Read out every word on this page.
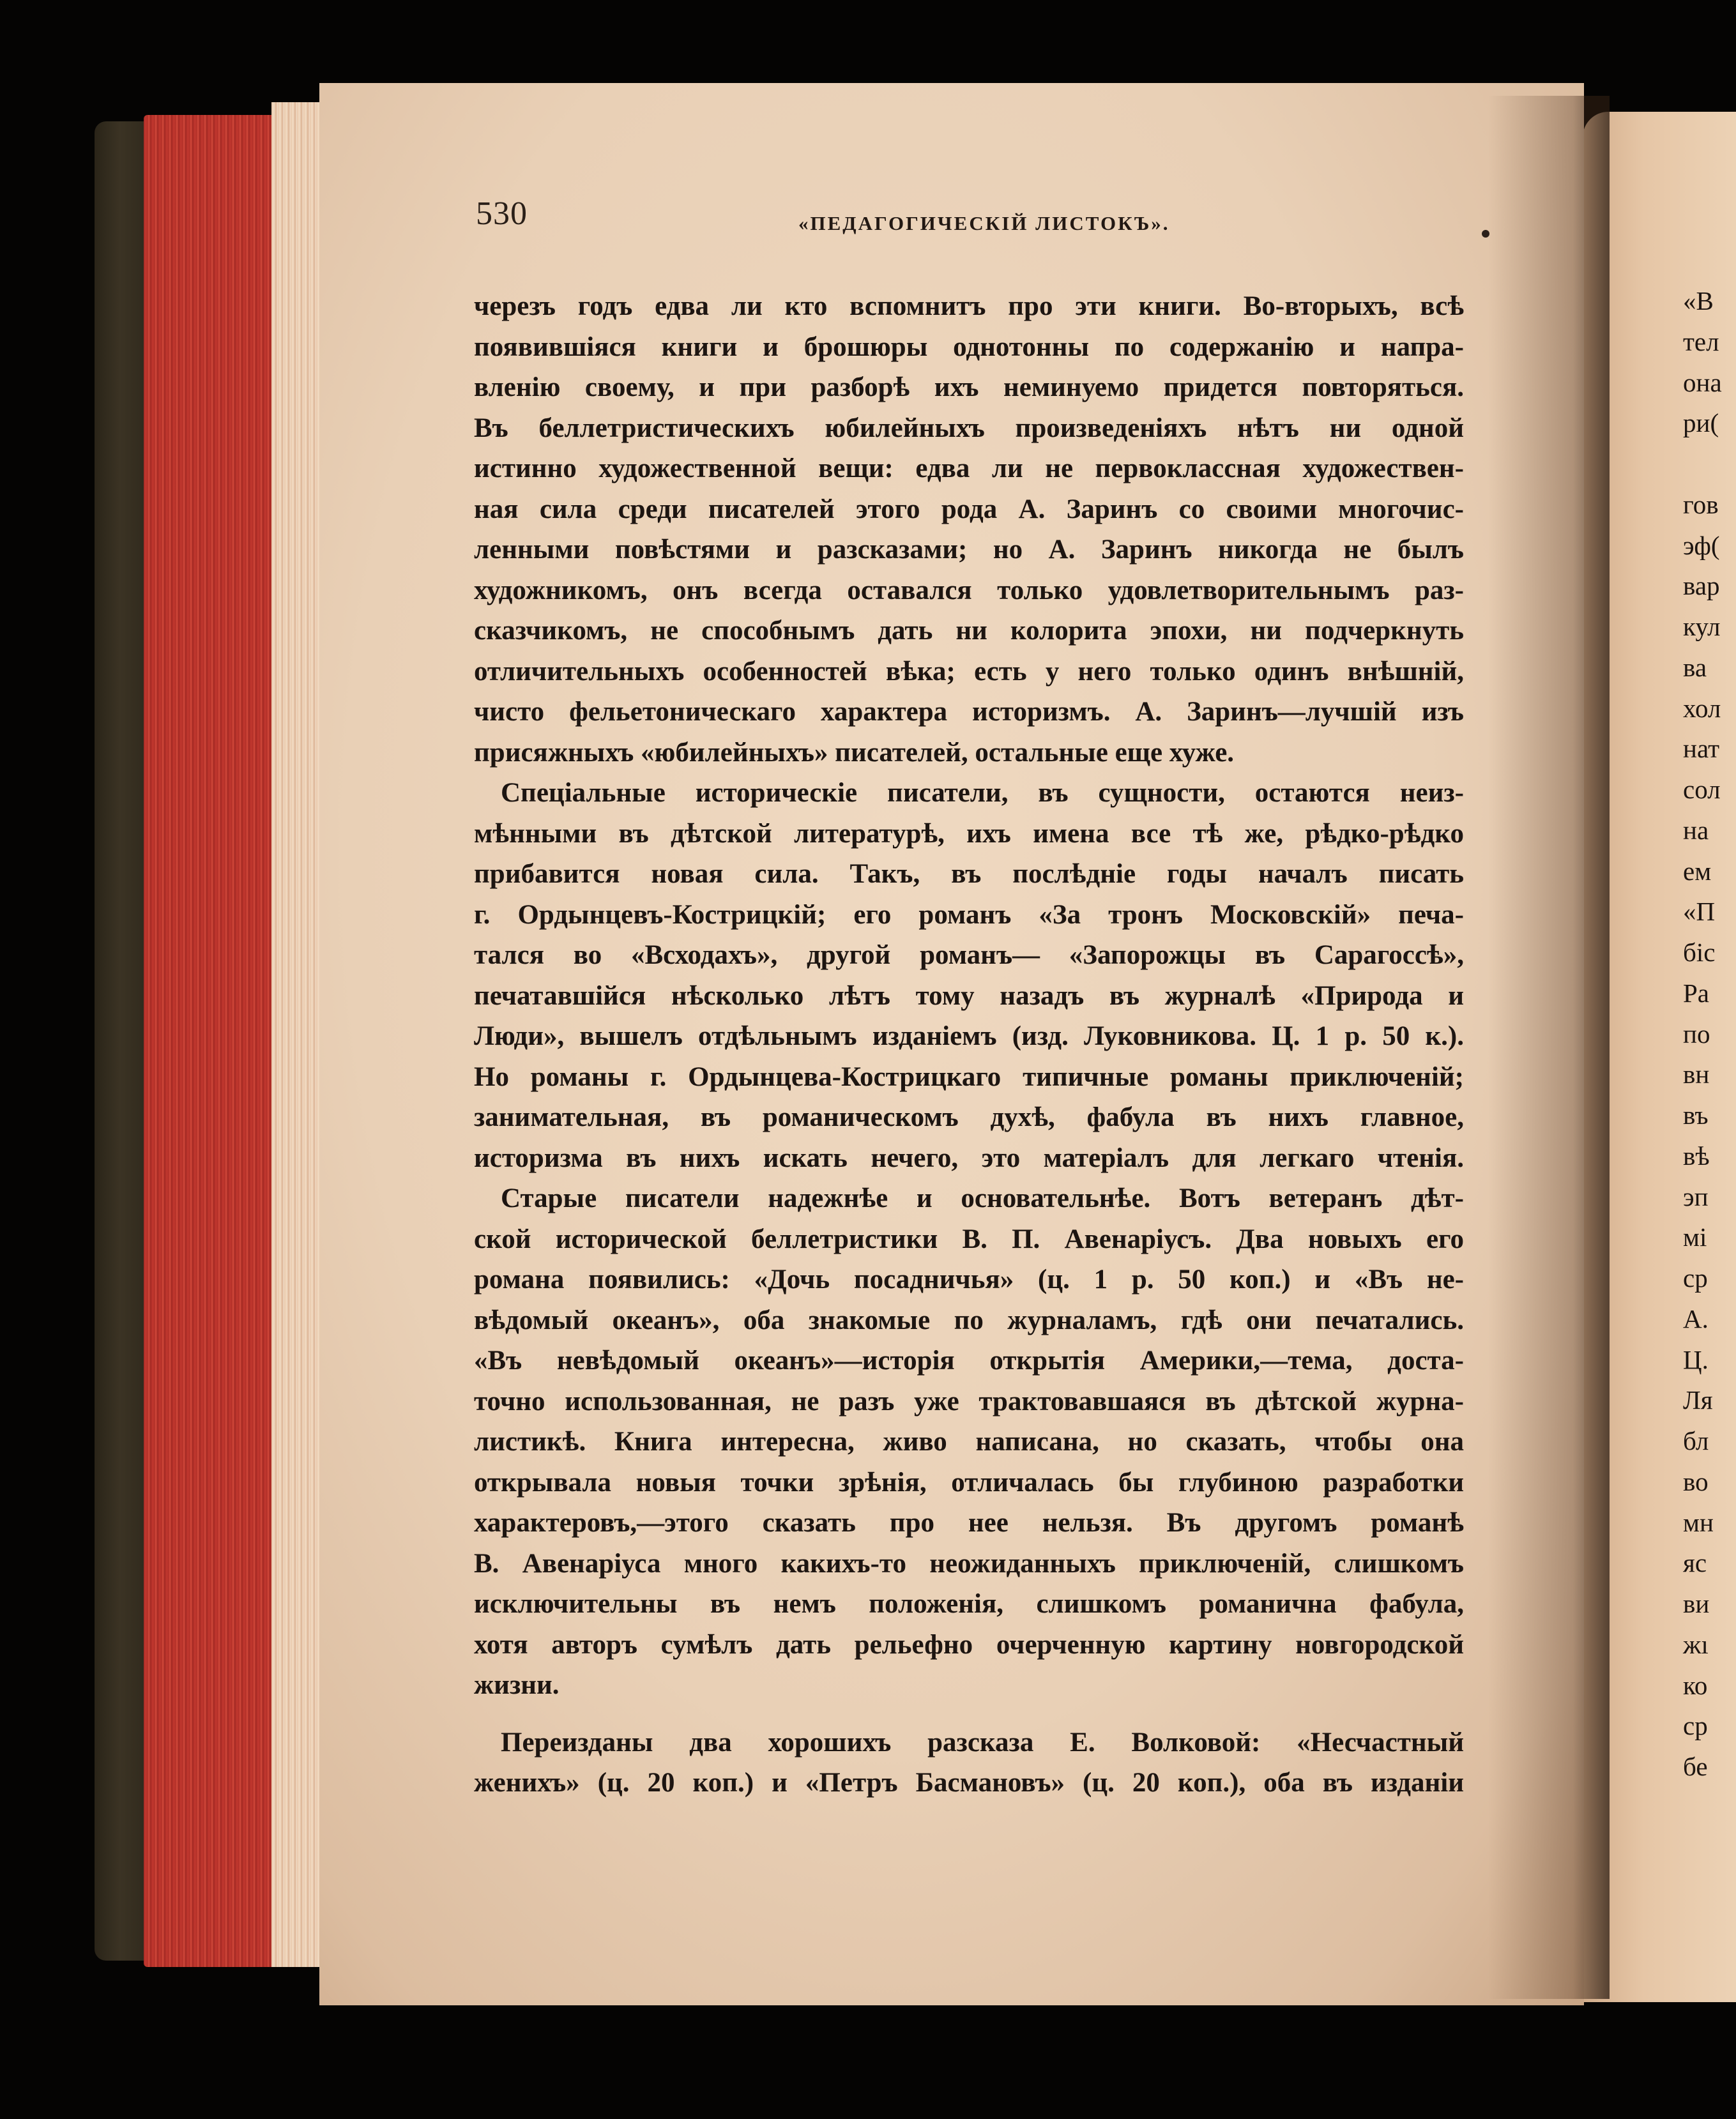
«В
тел
она
ри(
гов
эф(
вар
кул
ва
хол
нат
сол
на
ем
«П
біс
Ра
по
вн
въ
вѣ
эп
мі
ср
А.
Ц.
Ля
бл
во
мн
яс
ви
жı
ко
ср
бе
530	«ПЕДАГОГИЧЕСКІЙ ЛИСТОКЪ».
черезъ годъ едва ли кто вспомнитъ про эти книги. Во-вторыхъ, всѣ
появившіяся книги и брошюры однотонны по содержанію и напра-
вленію своему, и при разборѣ ихъ неминуемо придется повторяться.
Въ беллетристическихъ юбилейныхъ произведеніяхъ нѣтъ ни одной
истинно художественной вещи: едва ли не первоклассная художествен-
ная сила среди писателей этого рода А. Заринъ со своими многочис-
ленными повѣстями и разсказами; но А. Заринъ никогда не былъ
художникомъ, онъ всегда оставался только удовлетворительнымъ раз-
сказчикомъ, не способнымъ дать ни колорита эпохи, ни подчеркнуть
отличительныхъ особенностей вѣка; есть у него только одинъ внѣшній,
чисто фельетоническаго характера историзмъ. А. Заринъ—лучшій изъ
присяжныхъ «юбилейныхъ» писателей, остальные еще хуже.
Спеціальные историческіе писатели, въ сущности, остаются неиз-
мѣнными въ дѣтской литературѣ, ихъ имена все тѣ же, рѣдко-рѣдко
прибавится новая сила. Такъ, въ послѣдніе годы началъ писать
г. Ордынцевъ-Кострицкій; его романъ «За тронъ Московскій» печа-
тался во «Всходахъ», другой романъ— «Запорожцы въ Сарагоссѣ»,
печатавшійся нѣсколько лѣтъ тому назадъ въ журналѣ «Природа и
Люди», вышелъ отдѣльнымъ изданіемъ (изд. Луковникова. Ц. 1 р. 50 к.).
Но романы г. Ордынцева-Кострицкаго типичные романы приключеній;
занимательная, въ романическомъ духѣ, фабула въ нихъ главное,
историзма въ нихъ искать нечего, это матеріалъ для легкаго чтенія.
Старые писатели надежнѣе и основательнѣе. Вотъ ветеранъ дѣт-
ской исторической беллетристики В. П. Авенаріусъ. Два новыхъ его
романа появились: «Дочь посадничья» (ц. 1 р. 50 коп.) и «Въ не-
вѣдомый океанъ», оба знакомые по журналамъ, гдѣ они печатались.
«Въ невѣдомый океанъ»—исторія открытія Америки,—тема, доста-
точно использованная, не разъ уже трактовавшаяся въ дѣтской журна-
листикѣ. Книга интересна, живо написана, но сказать, чтобы она
открывала новыя точки зрѣнія, отличалась бы глубиною разработки
характеровъ,—этого сказать про нее нельзя. Въ другомъ романѣ
В. Авенаріуса много какихъ-то неожиданныхъ приключеній, слишкомъ
исключительны въ немъ положенія, слишкомъ романична фабула,
хотя авторъ сумѣлъ дать рельефно очерченную картину новгородской
жизни.
Переизданы два хорошихъ разсказа Е. Волковой: «Несчастный
женихъ» (ц. 20 коп.) и «Петръ Басмановъ» (ц. 20 коп.), оба въ изданіи
